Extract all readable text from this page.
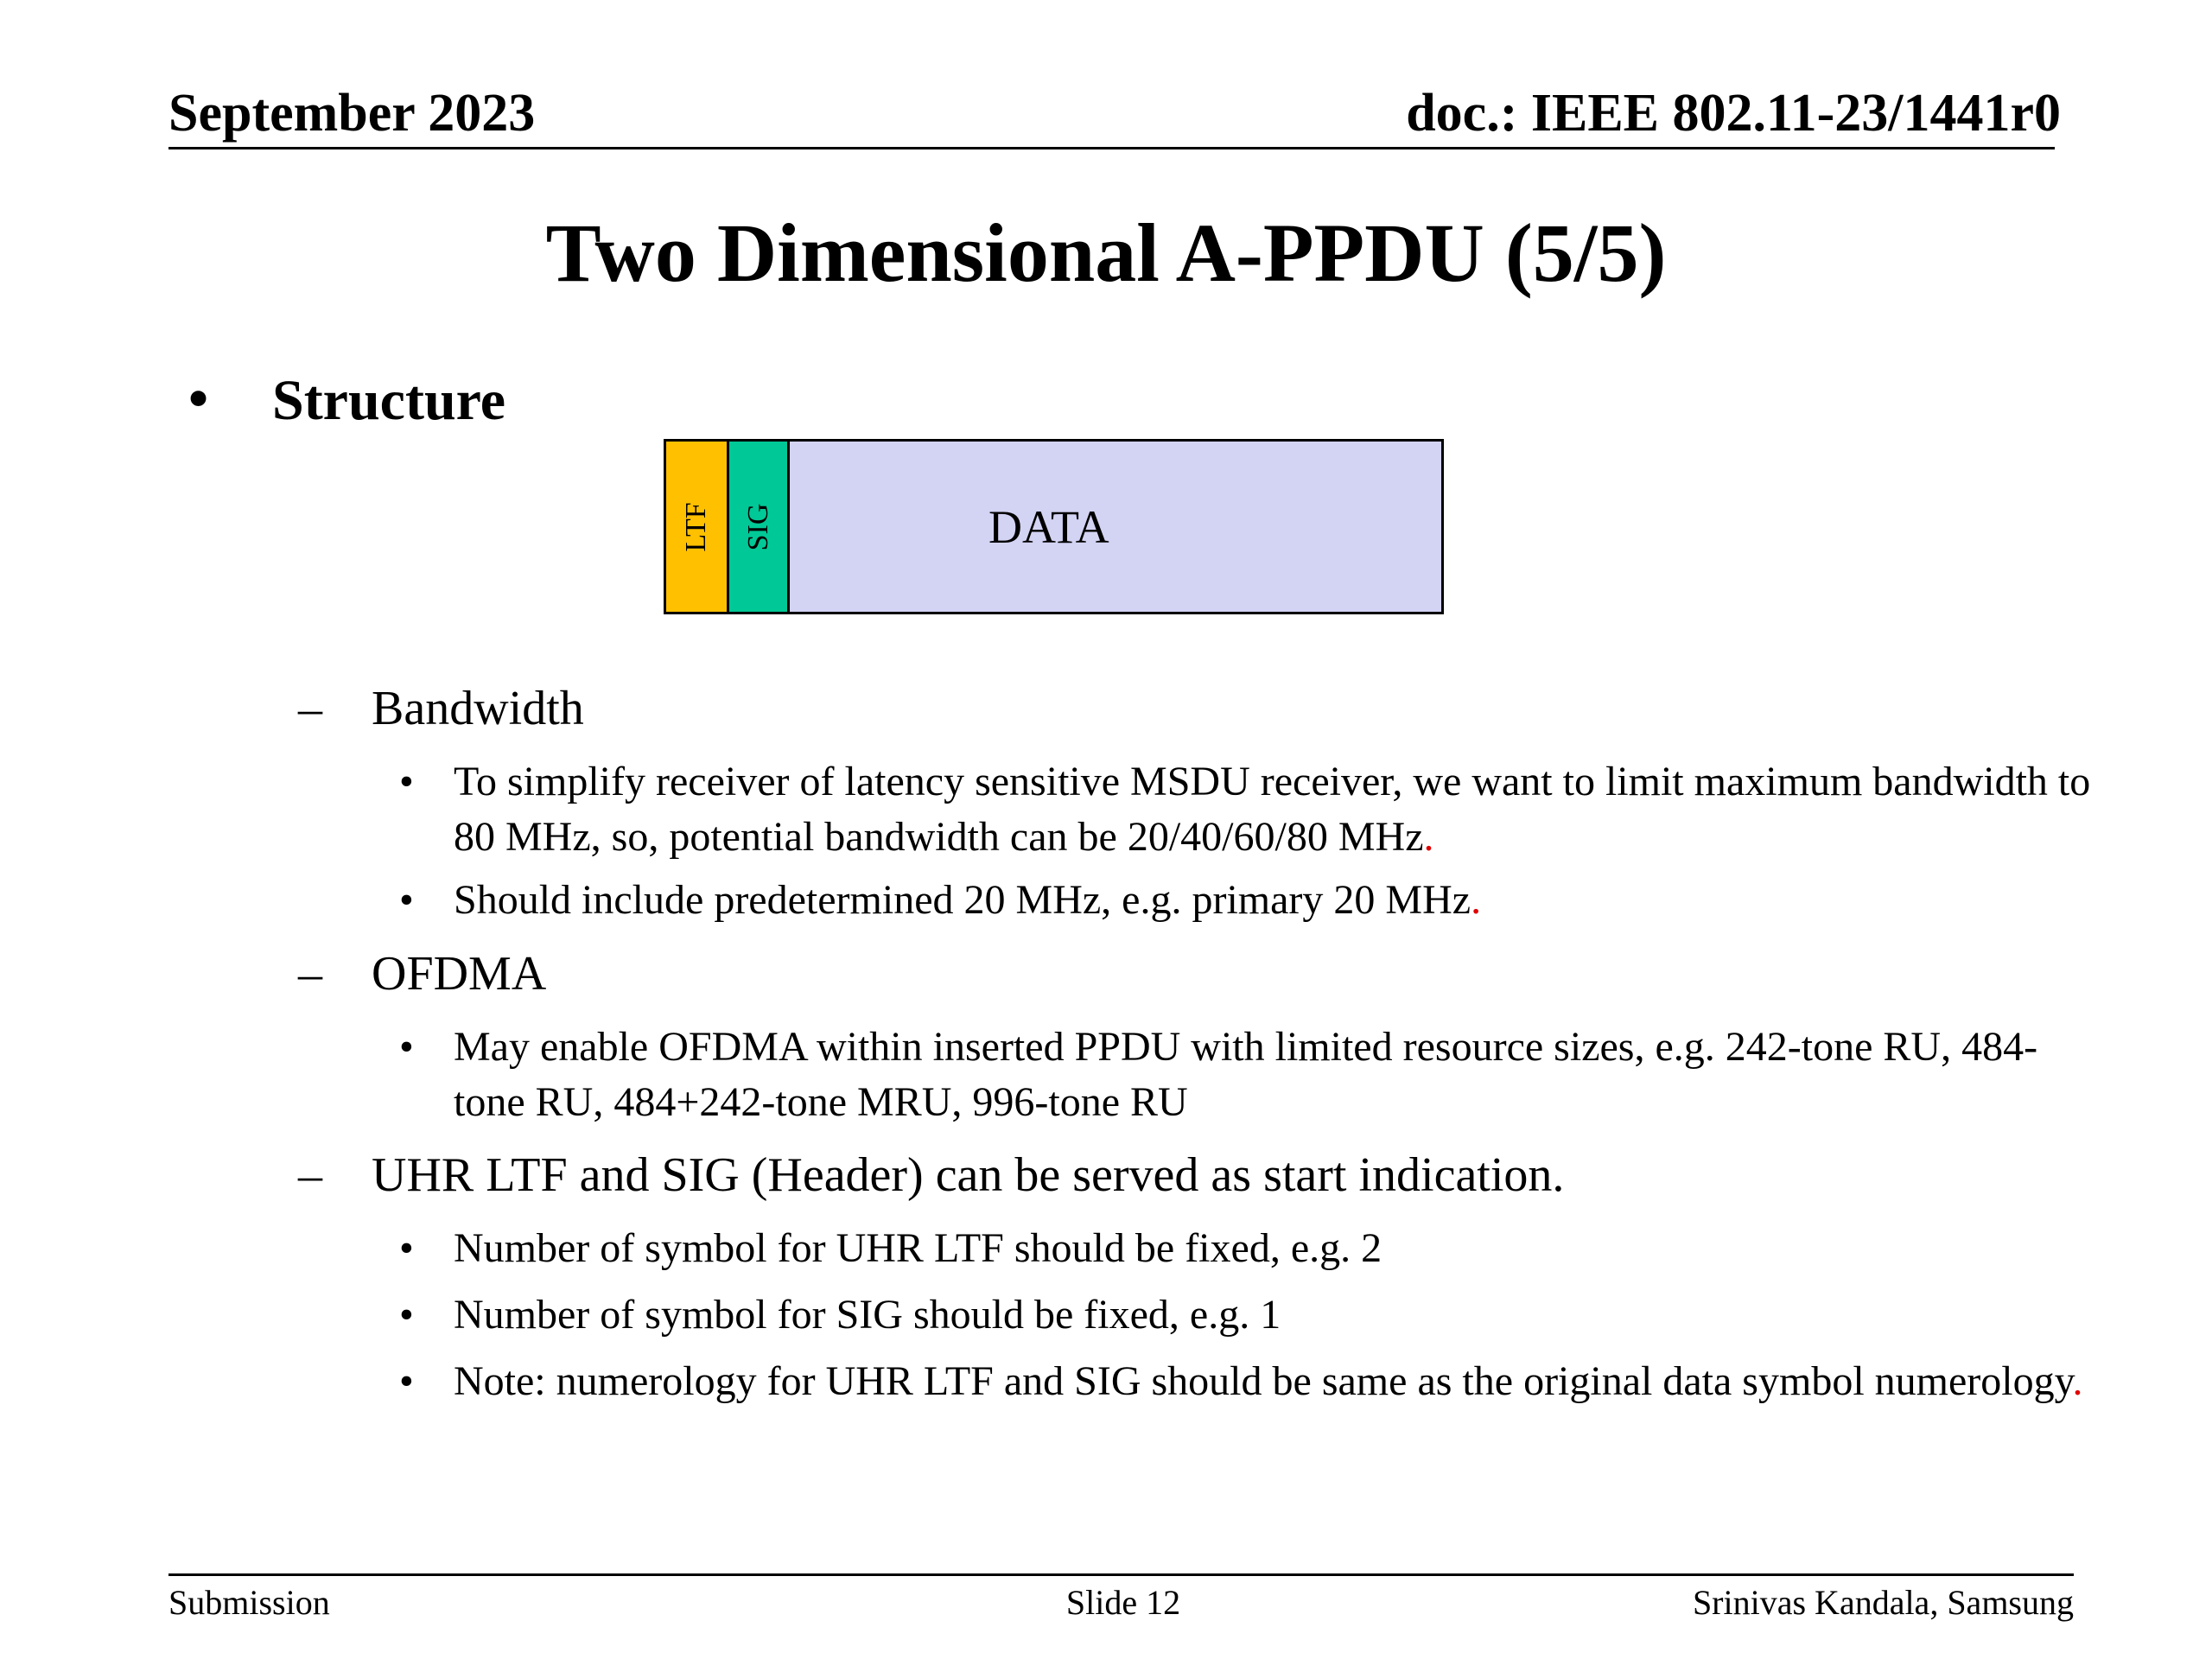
September 2023	doc.: IEEE 802.11-23/1441r0
Two Dimensional A-PPDU (5/5)
• Structure
LTF SIG	DATA
– Bandwidth
• To simplify receiver of latency sensitive MSDU receiver, we want to limit maximum bandwidth to 80 MHz, so, potential bandwidth can be 20/40/60/80 MHz.
• Should include predetermined 20 MHz, e.g. primary 20 MHz.
– OFDMA
• May enable OFDMA within inserted PPDU with limited resource sizes, e.g. 242-tone RU, 484-tone RU, 484+242-tone MRU, 996-tone RU
– UHR LTF and SIG (Header) can be served as start indication.
• Number of symbol for UHR LTF should be fixed, e.g. 2
• Number of symbol for SIG should be fixed, e.g. 1
• Note: numerology for UHR LTF and SIG should be same as the original data symbol numerology.
Submission	Slide 12	Srinivas Kandala, Samsung
